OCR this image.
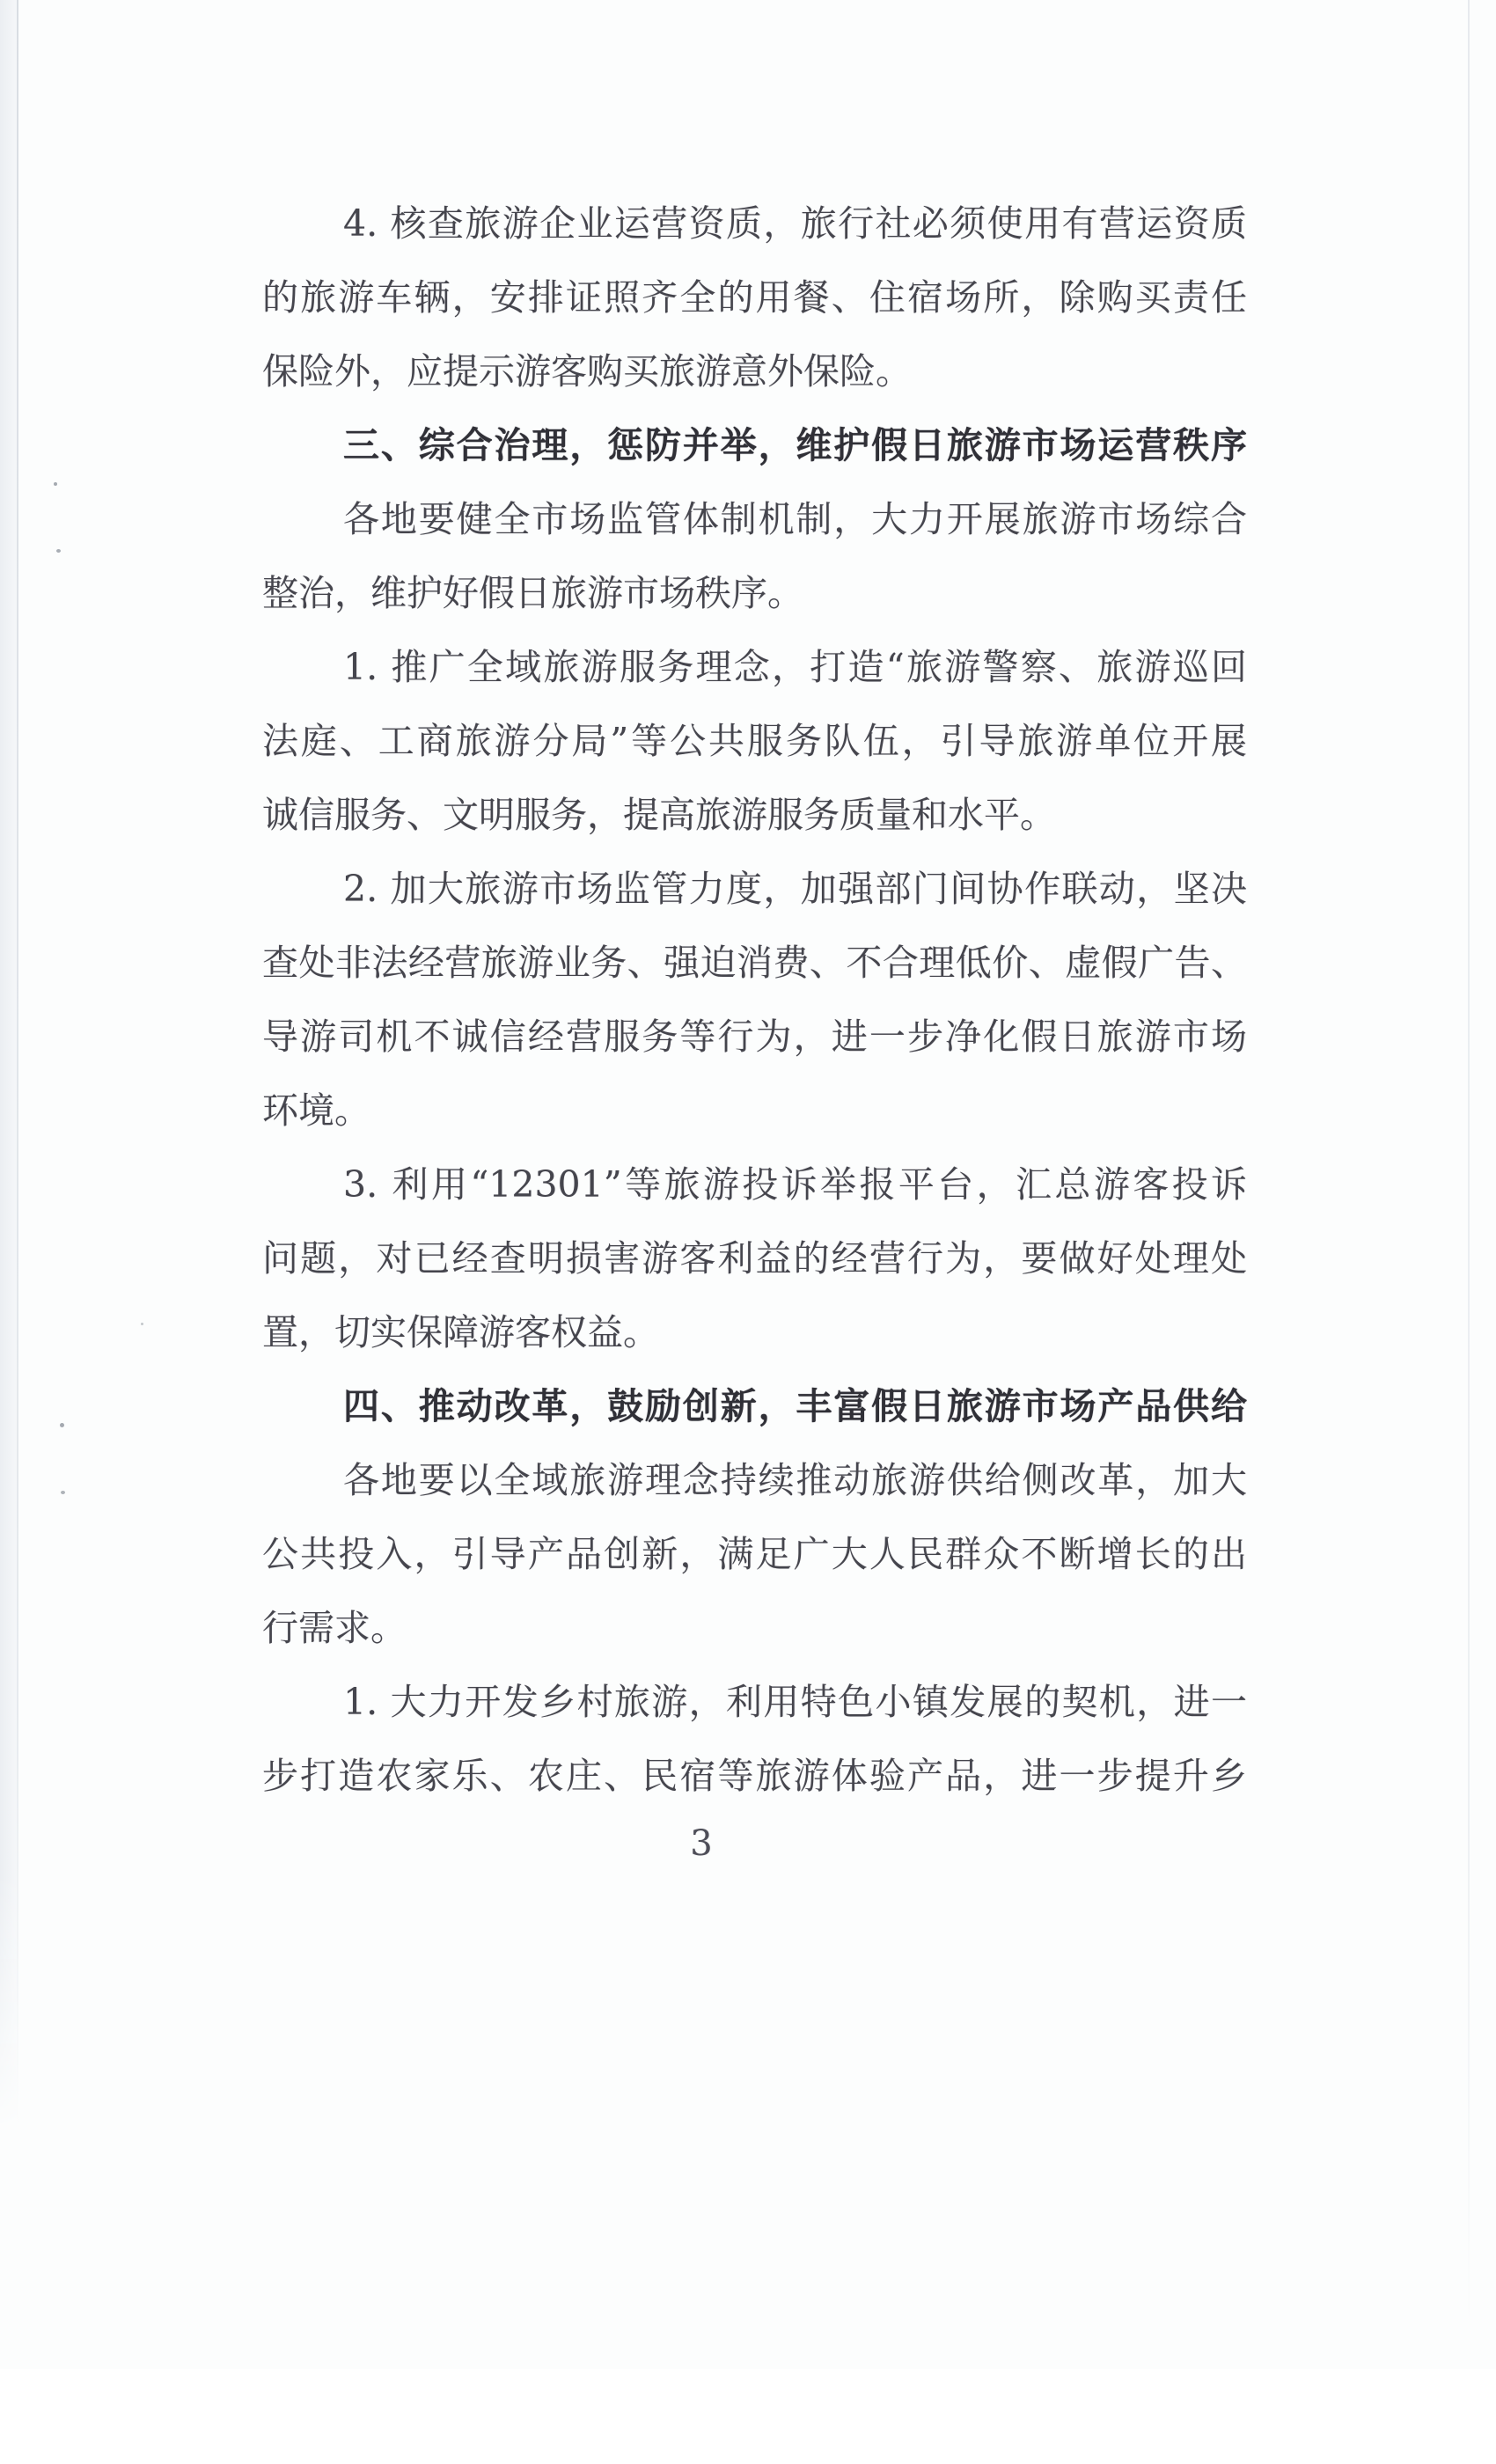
4. 核查旅游企业运营资质，旅行社必须使用有营运资质
的旅游车辆，安排证照齐全的用餐、住宿场所，除购买责任
保险外，应提示游客购买旅游意外保险。
三、综合治理，惩防并举，维护假日旅游市场运营秩序
各地要健全市场监管体制机制，大力开展旅游市场综合
整治，维护好假日旅游市场秩序。
1. 推广全域旅游服务理念，打造“旅游警察、旅游巡回
法庭、工商旅游分局”等公共服务队伍，引导旅游单位开展
诚信服务、文明服务，提高旅游服务质量和水平。
2. 加大旅游市场监管力度，加强部门间协作联动，坚决
查处非法经营旅游业务、强迫消费、不合理低价、虚假广告、
导游司机不诚信经营服务等行为，进一步净化假日旅游市场
环境。
3. 利用“12301”等旅游投诉举报平台，汇总游客投诉
问题，对已经查明损害游客利益的经营行为，要做好处理处
置，切实保障游客权益。
四、推动改革，鼓励创新，丰富假日旅游市场产品供给
各地要以全域旅游理念持续推动旅游供给侧改革，加大
公共投入，引导产品创新，满足广大人民群众不断增长的出
行需求。
1. 大力开发乡村旅游，利用特色小镇发展的契机，进一
步打造农家乐、农庄、民宿等旅游体验产品，进一步提升乡
3
